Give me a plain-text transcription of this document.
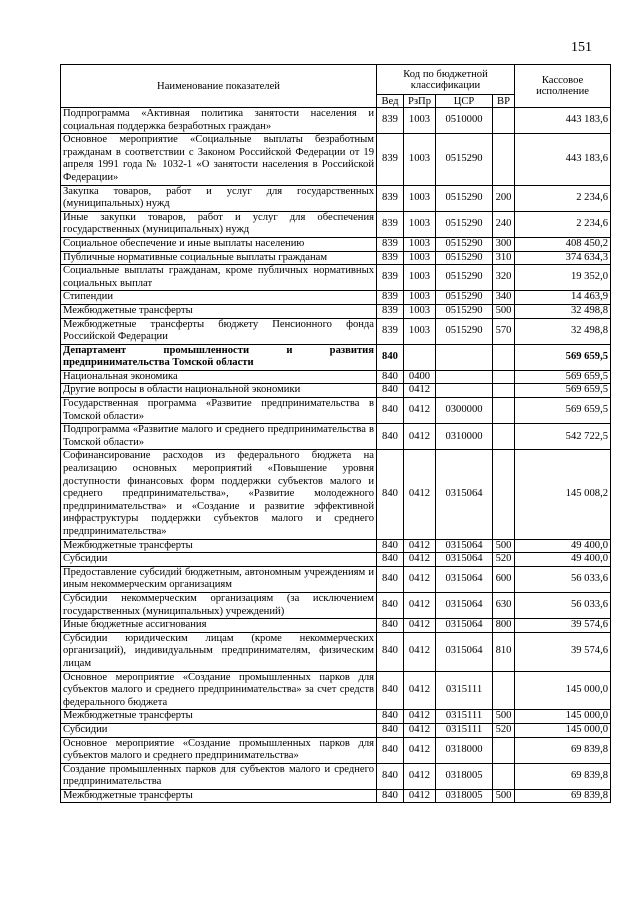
151
Наименование показателей	Код по бюджетной классификации				Кассовое исполнение
	Вед	РзПр	ЦСР	ВР	
Подпрограмма «Активная политика занятости населения и социальная поддержка безработных граждан»	839	1003	0510000		443 183,6
Основное мероприятие «Социальные выплаты безработным гражданам в соответствии с Законом Российской Федерации от 19 апреля 1991 года № 1032-1 «О занятости населения в Российской Федерации»	839	1003	0515290		443 183,6
Закупка товаров, работ и услуг для государственных (муниципальных) нужд	839	1003	0515290	200	2 234,6
Иные закупки товаров, работ и услуг для обеспечения государственных (муниципальных) нужд	839	1003	0515290	240	2 234,6
Социальное обеспечение и иные выплаты населению	839	1003	0515290	300	408 450,2
Публичные нормативные социальные выплаты гражданам	839	1003	0515290	310	374 634,3
Социальные выплаты гражданам, кроме публичных нормативных социальных выплат	839	1003	0515290	320	19 352,0
Стипендии	839	1003	0515290	340	14 463,9
Межбюджетные трансферты	839	1003	0515290	500	32 498,8
Межбюджетные трансферты бюджету Пенсионного фонда Российской Федерации	839	1003	0515290	570	32 498,8
Департамент промышленности и развития предпринимательства Томской области	840				569 659,5
Национальная экономика	840	0400			569 659,5
Другие вопросы в области национальной экономики	840	0412			569 659,5
Государственная программа «Развитие предпринимательства в Томской области»	840	0412	0300000		569 659,5
Подпрограмма «Развитие малого и среднего предпринимательства в Томской области»	840	0412	0310000		542 722,5
Софинансирование расходов из федерального бюджета на реализацию основных мероприятий «Повышение уровня доступности финансовых форм поддержки субъектов малого и среднего предпринимательства», «Развитие молодежного предпринимательства» и «Создание и развитие эффективной инфраструктуры поддержки субъектов малого и среднего предпринимательства»	840	0412	0315064		145 008,2
Межбюджетные трансферты	840	0412	0315064	500	49 400,0
Субсидии	840	0412	0315064	520	49 400,0
Предоставление субсидий бюджетным, автономным учреждениям и иным некоммерческим организациям	840	0412	0315064	600	56 033,6
Субсидии некоммерческим организациям (за исключением государственных (муниципальных) учреждений)	840	0412	0315064	630	56 033,6
Иные бюджетные ассигнования	840	0412	0315064	800	39 574,6
Субсидии юридическим лицам (кроме некоммерческих организаций), индивидуальным предпринимателям, физическим лицам	840	0412	0315064	810	39 574,6
Основное мероприятие «Создание промышленных парков для субъектов малого и среднего предпринимательства» за счет средств федерального бюджета	840	0412	0315111		145 000,0
Межбюджетные трансферты	840	0412	0315111	500	145 000,0
Субсидии	840	0412	0315111	520	145 000,0
Основное мероприятие «Создание промышленных парков для субъектов малого и среднего предпринимательства»	840	0412	0318000		69 839,8
Создание промышленных парков для субъектов малого и среднего предпринимательства	840	0412	0318005		69 839,8
Межбюджетные трансферты	840	0412	0318005	500	69 839,8
